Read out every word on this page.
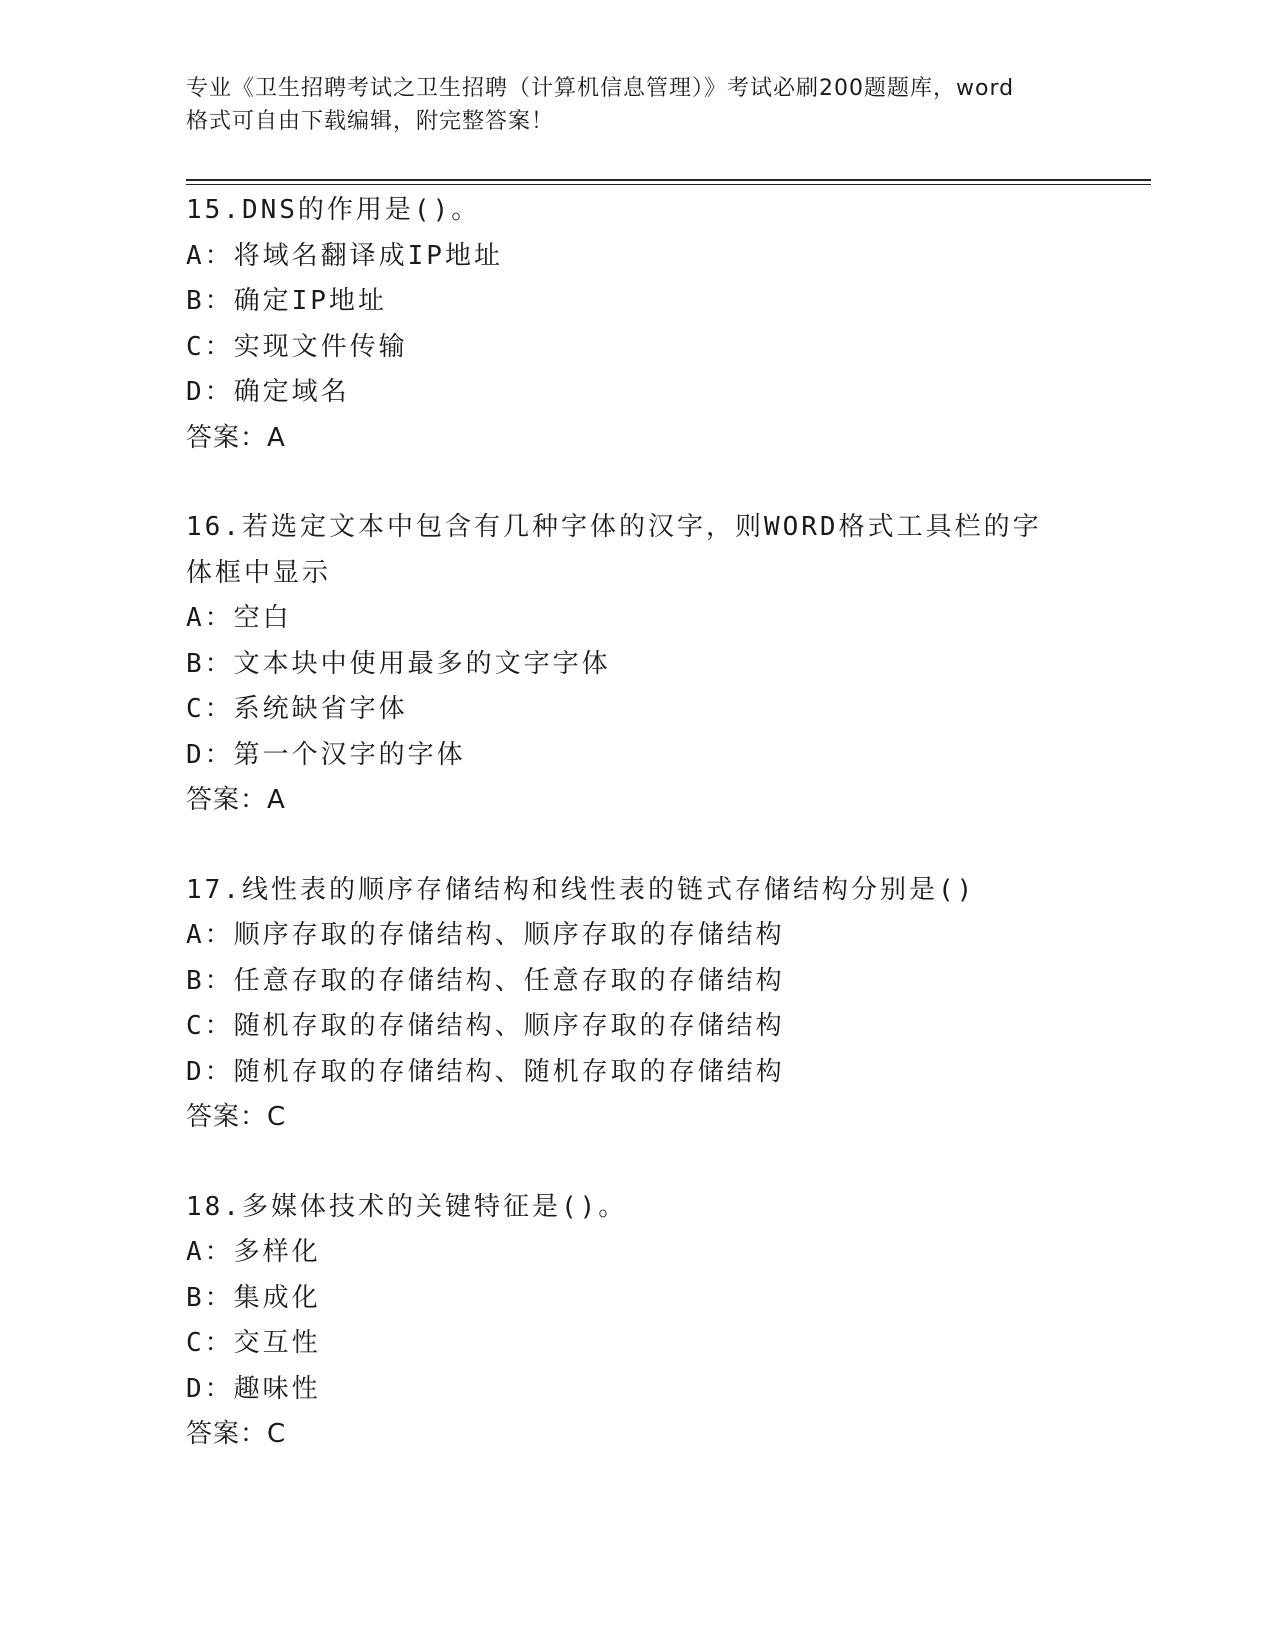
专业《卫生招聘考试之卫生招聘（计算机信息管理）》考试必刷200题题库，word
格式可自由下载编辑，附完整答案！
15.DNS的作用是()。
A：将域名翻译成IP地址
B：确定IP地址
C：实现文件传输
D：确定域名
答案：A
16.若选定文本中包含有几种字体的汉字，则WORD格式工具栏的字体框中显示
A：空白
B：文本块中使用最多的文字字体
C：系统缺省字体
D：第一个汉字的字体
答案：A
17.线性表的顺序存储结构和线性表的链式存储结构分别是()
A：顺序存取的存储结构、顺序存取的存储结构
B：任意存取的存储结构、任意存取的存储结构
C：随机存取的存储结构、顺序存取的存储结构
D：随机存取的存储结构、随机存取的存储结构
答案：C
18.多媒体技术的关键特征是()。
A：多样化
B：集成化
C：交互性
D：趣味性
答案：C
